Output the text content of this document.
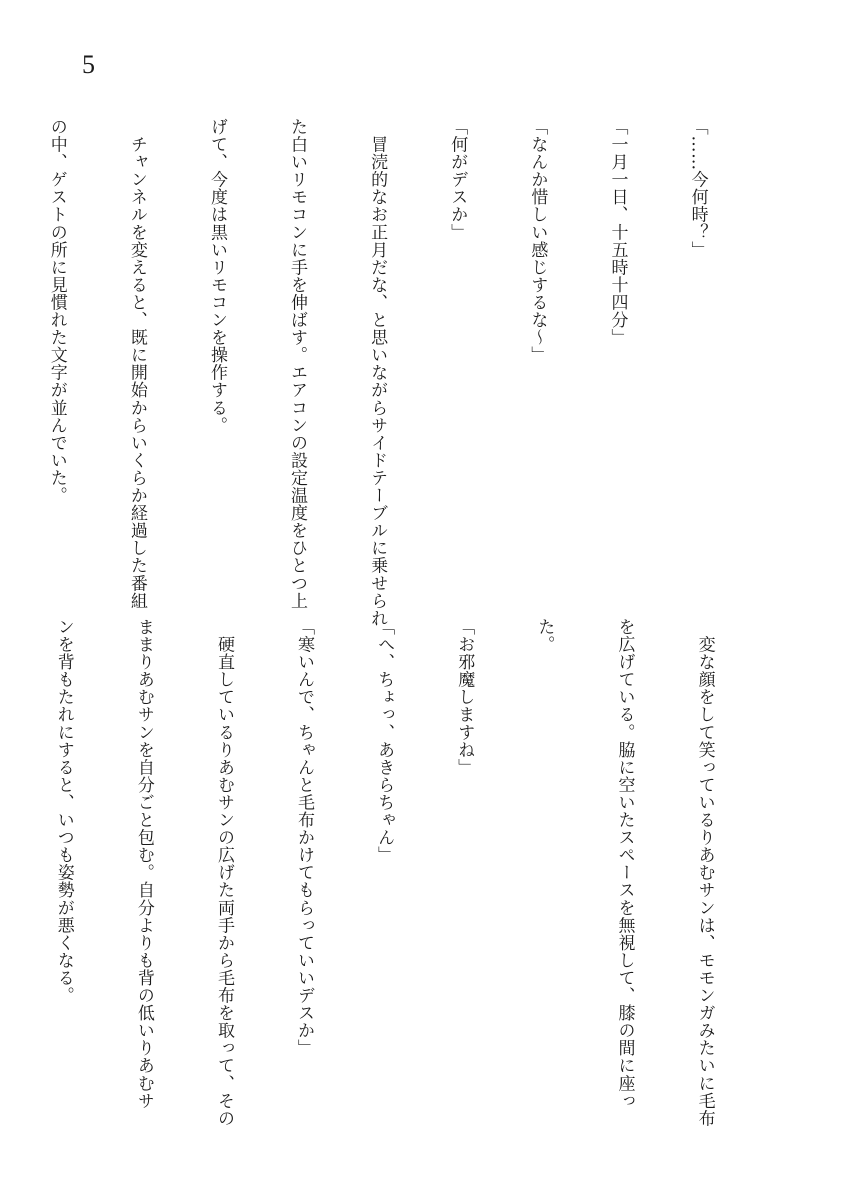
5

「……今何時？」

「一月一日、十五時十四分」

「なんか惜しい感じするな〜」

「何がデスか」

　冒涜的なお正月だな、と思いながらサイドテーブルに乗せられ

た白いリモコンに手を伸ばす。エアコンの設定温度をひとつ上

げて、今度は黒いリモコンを操作する。

　チャンネルを変えると、既に開始からいくらか経過した番組

の中、ゲストの所に見慣れた文字が並んでいた。

　変な顔をして笑っているりあむサンは、モモンガみたいに毛布

を広げている。脇に空いたスペースを無視して、膝の間に座っ

た。

「お邪魔しますね」

「へ、ちょっ、あきらちゃん」

「寒いんで、ちゃんと毛布かけてもらっていいデスか」

　硬直しているりあむサンの広げた両手から毛布を取って、その

ままりあむサンを自分ごと包む。自分よりも背の低いりあむサ

ンを背もたれにすると、いつも姿勢が悪くなる。
